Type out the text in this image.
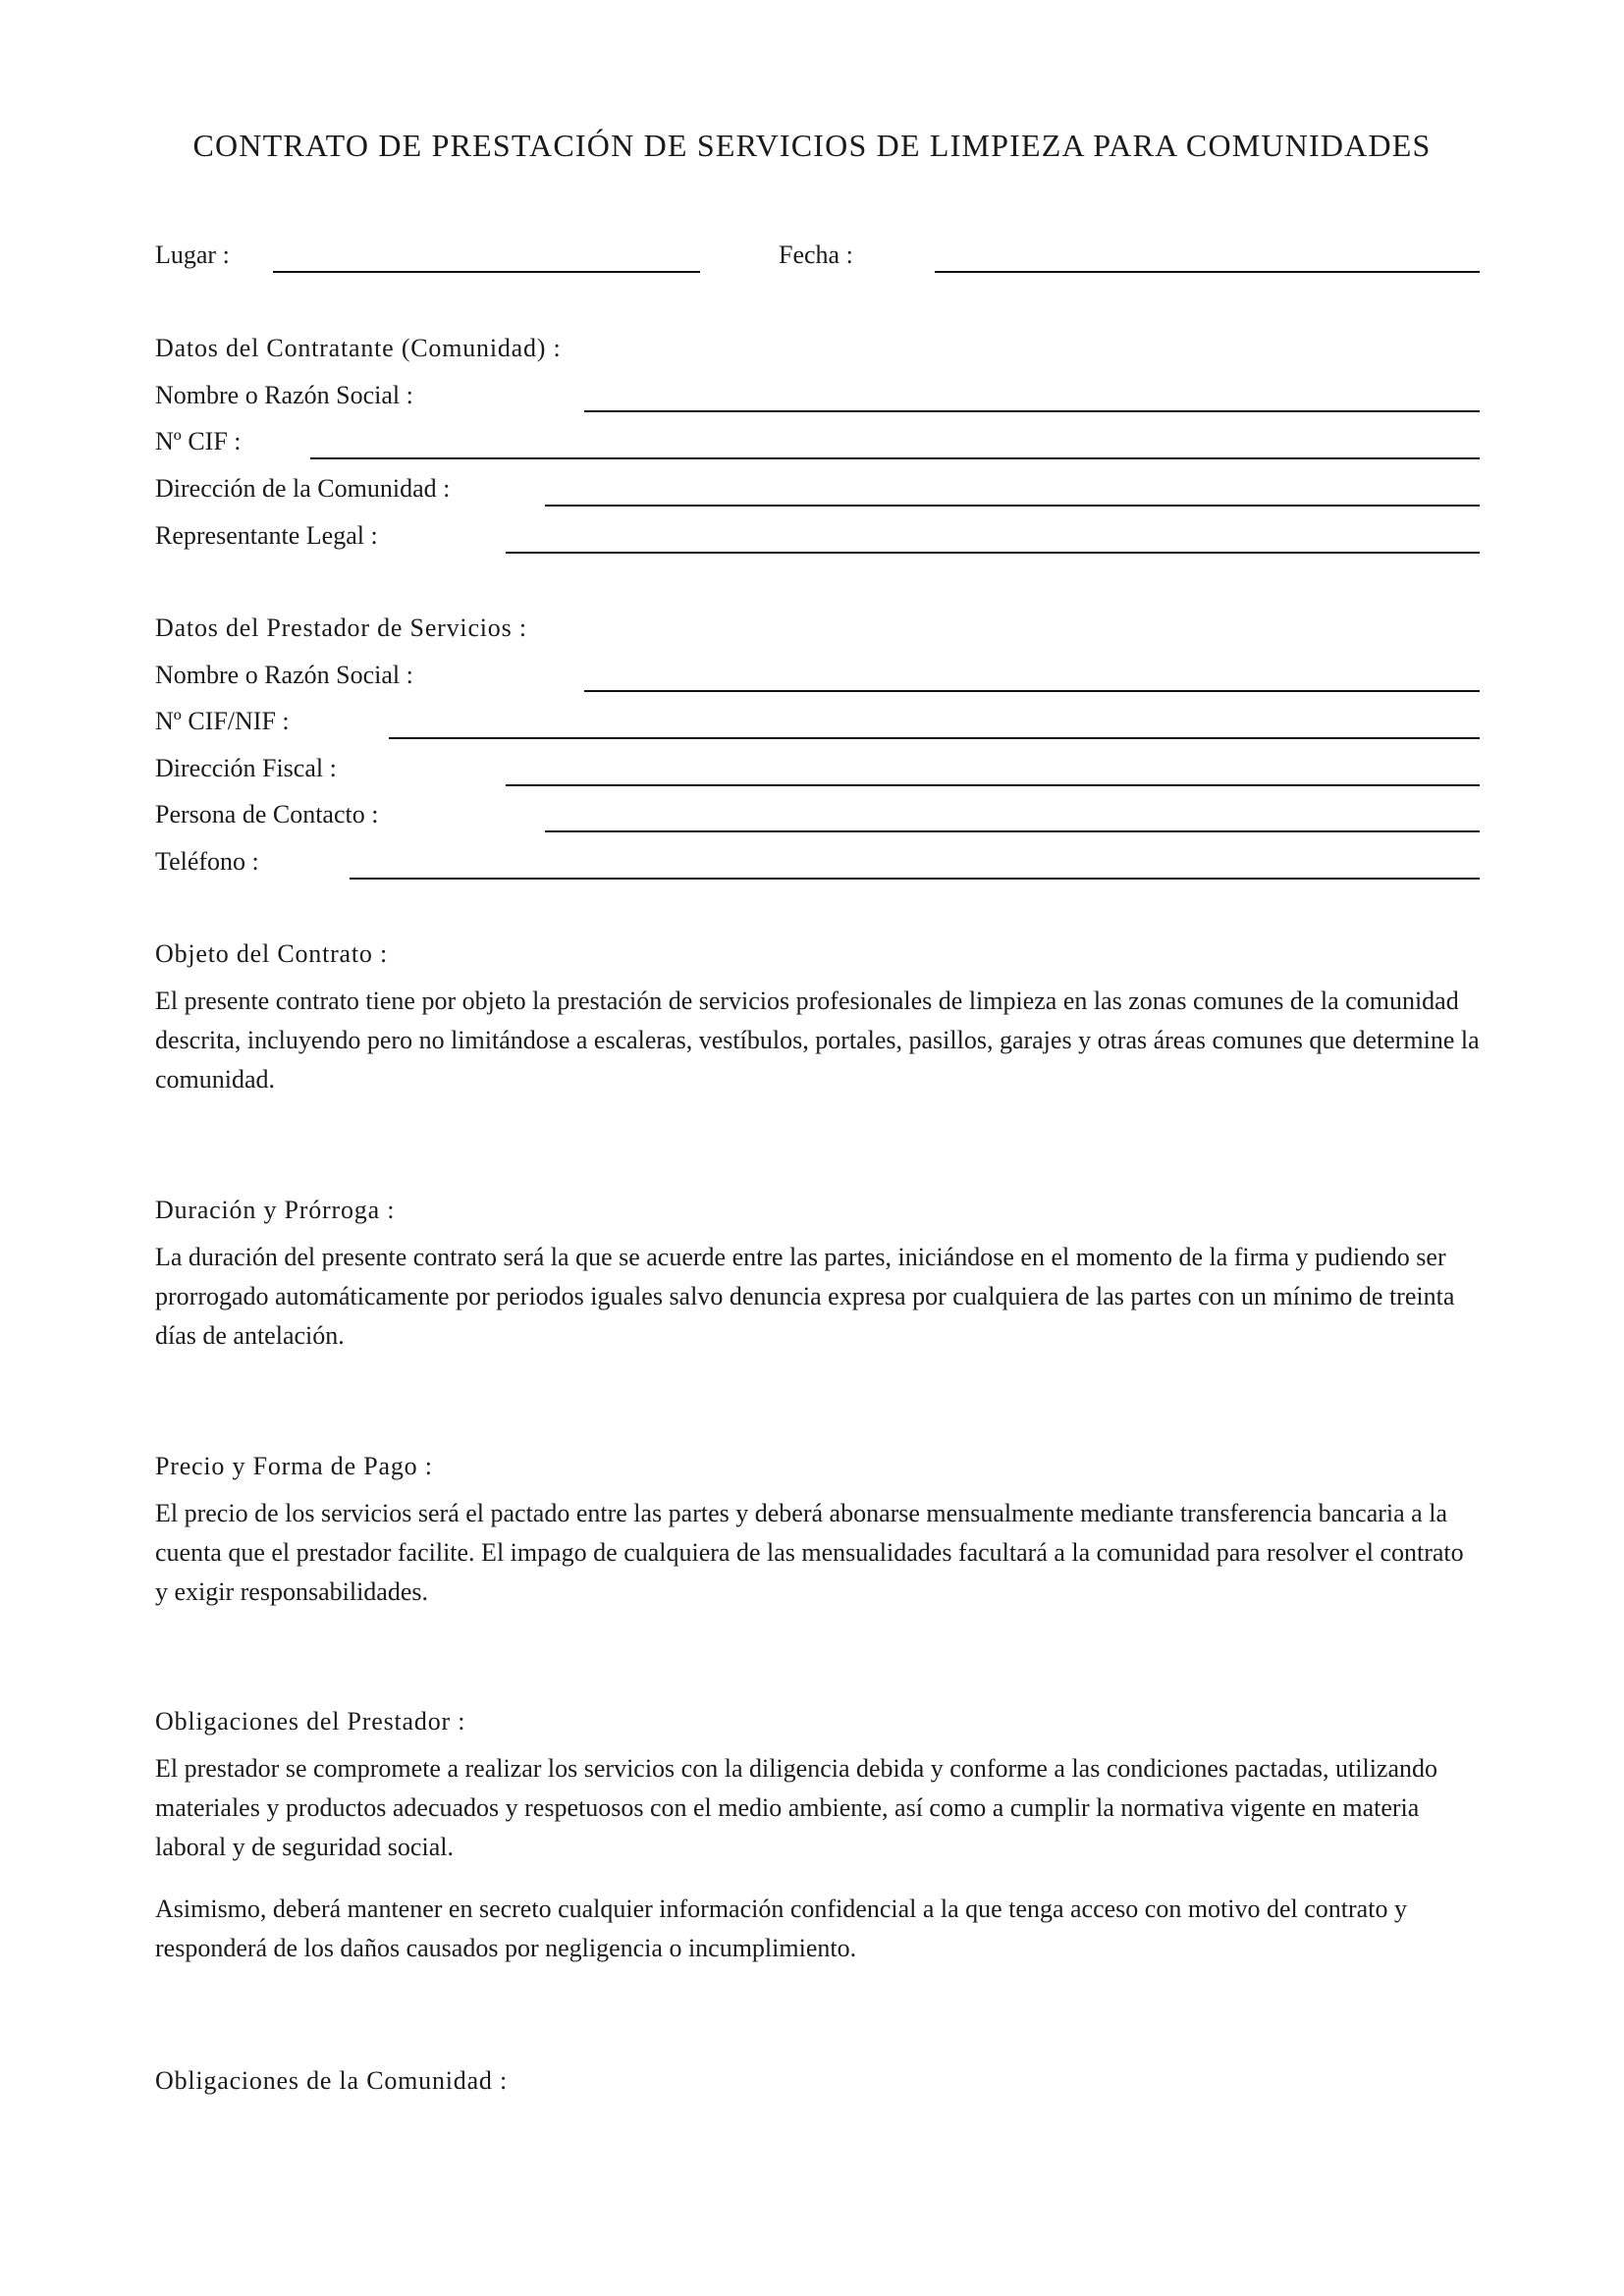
CONTRATO DE PRESTACIÓN DE SERVICIOS DE LIMPIEZA PARA COMUNIDADES
Lugar :	Fecha :
Datos del Contratante (Comunidad) :
Nombre o Razón Social :
Nº CIF :
Dirección de la Comunidad :
Representante Legal :
Datos del Prestador de Servicios :
Nombre o Razón Social :
Nº CIF/NIF :
Dirección Fiscal :
Persona de Contacto :
Teléfono :
Objeto del Contrato :

El presente contrato tiene por objeto la prestación de servicios profesionales de limpieza en las zonas comunes de la comunidad descrita, incluyendo pero no limitándose a escaleras, vestíbulos, portales, pasillos, garajes y otras áreas comunes que determine la comunidad.

Duración y Prórroga :

La duración del presente contrato será la que se acuerde entre las partes, iniciándose en el momento de la firma y pudiendo ser prorrogado automáticamente por periodos iguales salvo denuncia expresa por cualquiera de las partes con un mínimo de treinta días de antelación.

Precio y Forma de Pago :

El precio de los servicios será el pactado entre las partes y deberá abonarse mensualmente mediante transferencia bancaria a la cuenta que el prestador facilite. El impago de cualquiera de las mensualidades facultará a la comunidad para resolver el contrato y exigir responsabilidades.

Obligaciones del Prestador :

El prestador se compromete a realizar los servicios con la diligencia debida y conforme a las condiciones pactadas, utilizando materiales y productos adecuados y respetuosos con el medio ambiente, así como a cumplir la normativa vigente en materia laboral y de seguridad social.

Asimismo, deberá mantener en secreto cualquier información confidencial a la que tenga acceso con motivo del contrato y responderá de los daños causados por negligencia o incumplimiento.

Obligaciones de la Comunidad :
